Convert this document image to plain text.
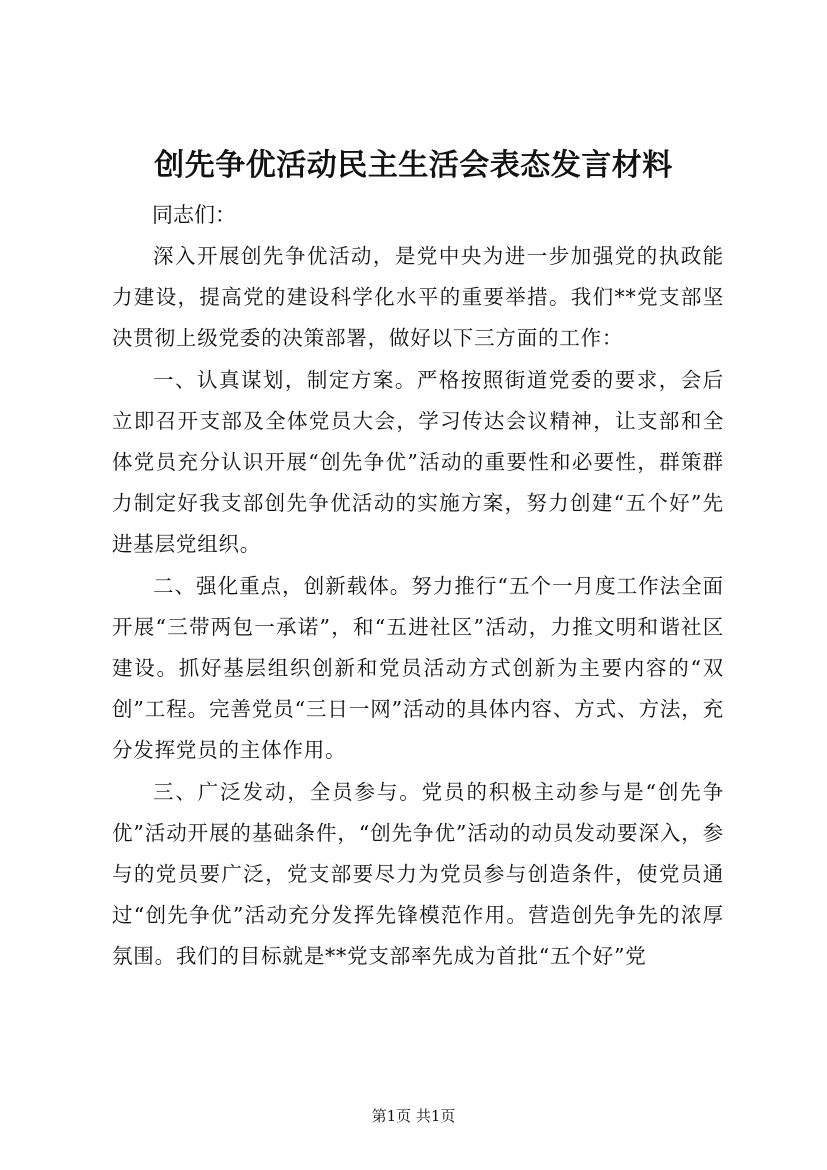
创先争优活动民主生活会表态发言材料

同志们：

深入开展创先争优活动，是党中央为进一步加强党的执政能力建设，提高党的建设科学化水平的重要举措。我们**党支部坚决贯彻上级党委的决策部署，做好以下三方面的工作：

一、认真谋划，制定方案。严格按照街道党委的要求，会后立即召开支部及全体党员大会，学习传达会议精神，让支部和全体党员充分认识开展“创先争优”活动的重要性和必要性，群策群力制定好我支部创先争优活动的实施方案，努力创建“五个好”先进基层党组织。

二、强化重点，创新载体。努力推行“五个一月度工作法全面开展“三带两包一承诺”，和“五进社区”活动，力推文明和谐社区建设。抓好基层组织创新和党员活动方式创新为主要内容的“双创”工程。完善党员“三日一网”活动的具体内容、方式、方法，充分发挥党员的主体作用。

三、广泛发动，全员参与。党员的积极主动参与是“创先争优”活动开展的基础条件，“创先争优”活动的动员发动要深入，参与的党员要广泛，党支部要尽力为党员参与创造条件，使党员通过“创先争优”活动充分发挥先锋模范作用。营造创先争先的浓厚氛围。我们的目标就是**党支部率先成为首批“五个好”党

第1页 共1页
